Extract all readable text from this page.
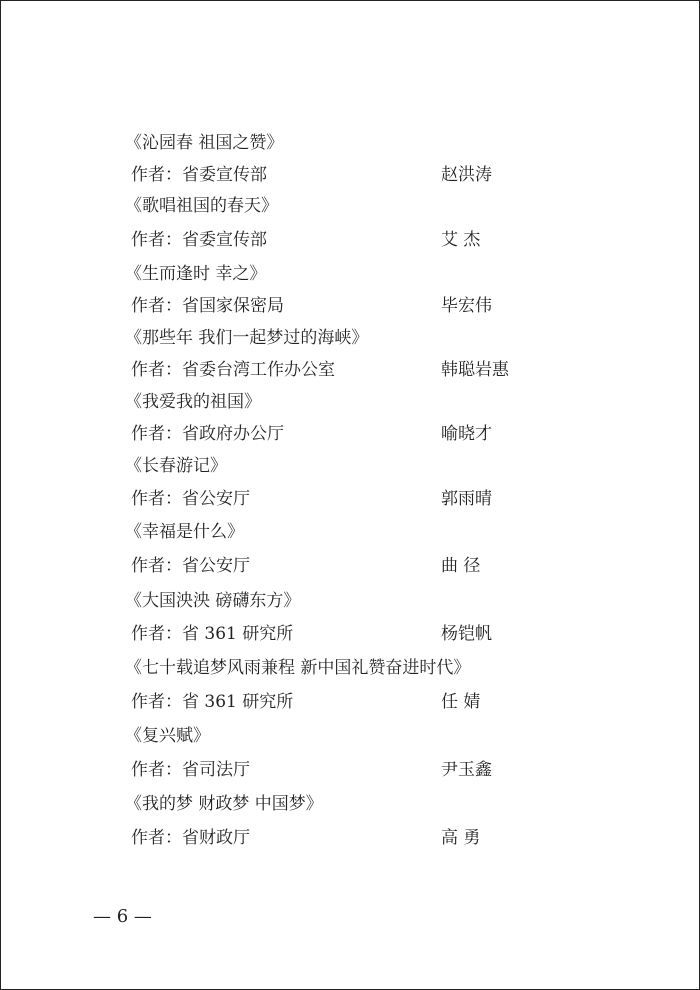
《沁园春 祖国之赞》
作者：省委宣传部	赵洪涛
《歌唱祖国的春天》
作者：省委宣传部	艾 杰
《生而逢时 幸之》
作者：省国家保密局	毕宏伟
《那些年 我们一起梦过的海峡》
作者：省委台湾工作办公室	韩聪岩惠
《我爱我的祖国》
作者：省政府办公厅	喻晓才
《长春游记》
作者：省公安厅	郭雨晴
《幸福是什么》
作者：省公安厅	曲 径
《大国泱泱 磅礴东方》
作者：省 361 研究所	杨铠帆
《七十载追梦风雨兼程 新中国礼赞奋进时代》
作者：省 361 研究所	任 婧
《复兴赋》
作者：省司法厅	尹玉鑫
《我的梦 财政梦 中国梦》
作者：省财政厅	高 勇
— 6 —
